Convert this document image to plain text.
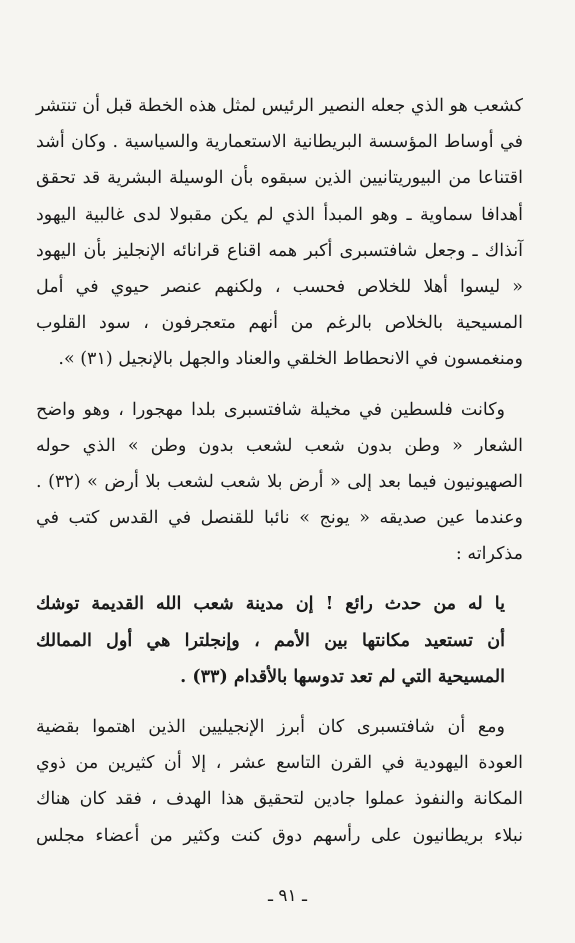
كشعب هو الذي جعله النصير الرئيس لمثل هذه الخطة قبل أن تنتشر
في أوساط المؤسسة البريطانية الاستعمارية والسياسية . وكان أشد
اقتناعا من البيوريتانيين الذين سبقوه بأن الوسيلة البشرية قد تحقق
أهدافا سماوية ـ وهو المبدأ الذي لم يكن مقبولا لدى غالبية اليهود
آنذاك ـ وجعل شافتسبرى أكبر همه اقناع قرانائه الإنجليز بأن اليهود
« ليسوا أهلا للخلاص فحسب ، ولكنهم عنصر حيوي في أمل
المسيحية بالخلاص بالرغم من أنهم متعجرفون ، سود القلوب
ومنغمسون في الانحطاط الخلقي والعناد والجهل بالإنجيل (٣١) ».
وكانت فلسطين في مخيلة شافتسبرى بلدا مهجورا ، وهو واضح
الشعار « وطن بدون شعب لشعب بدون وطن » الذي حوله
الصهيونيون فيما بعد إلى « أرض بلا شعب لشعب بلا أرض » (٣٢) .
وعندما عين صديقه « يونج » نائبا للقنصل في القدس كتب في
مذكراته :
يا له من حدث رائع ! إن مدينة شعب الله القديمة توشك
أن تستعيد مكانتها بين الأمم ، وإنجلترا هي أول الممالك
المسيحية التي لم تعد تدوسها بالأقدام (٣٣) .
ومع أن شافتسبرى كان أبرز الإنجيليين الذين اهتموا بقضية
العودة اليهودية في القرن التاسع عشر ، إلا أن كثيرين من ذوي
المكانة والنفوذ عملوا جادين لتحقيق هذا الهدف ، فقد كان هناك
نبلاء بريطانيون على رأسهم دوق كنت وكثير من أعضاء مجلس
ـ ٩١ ـ
